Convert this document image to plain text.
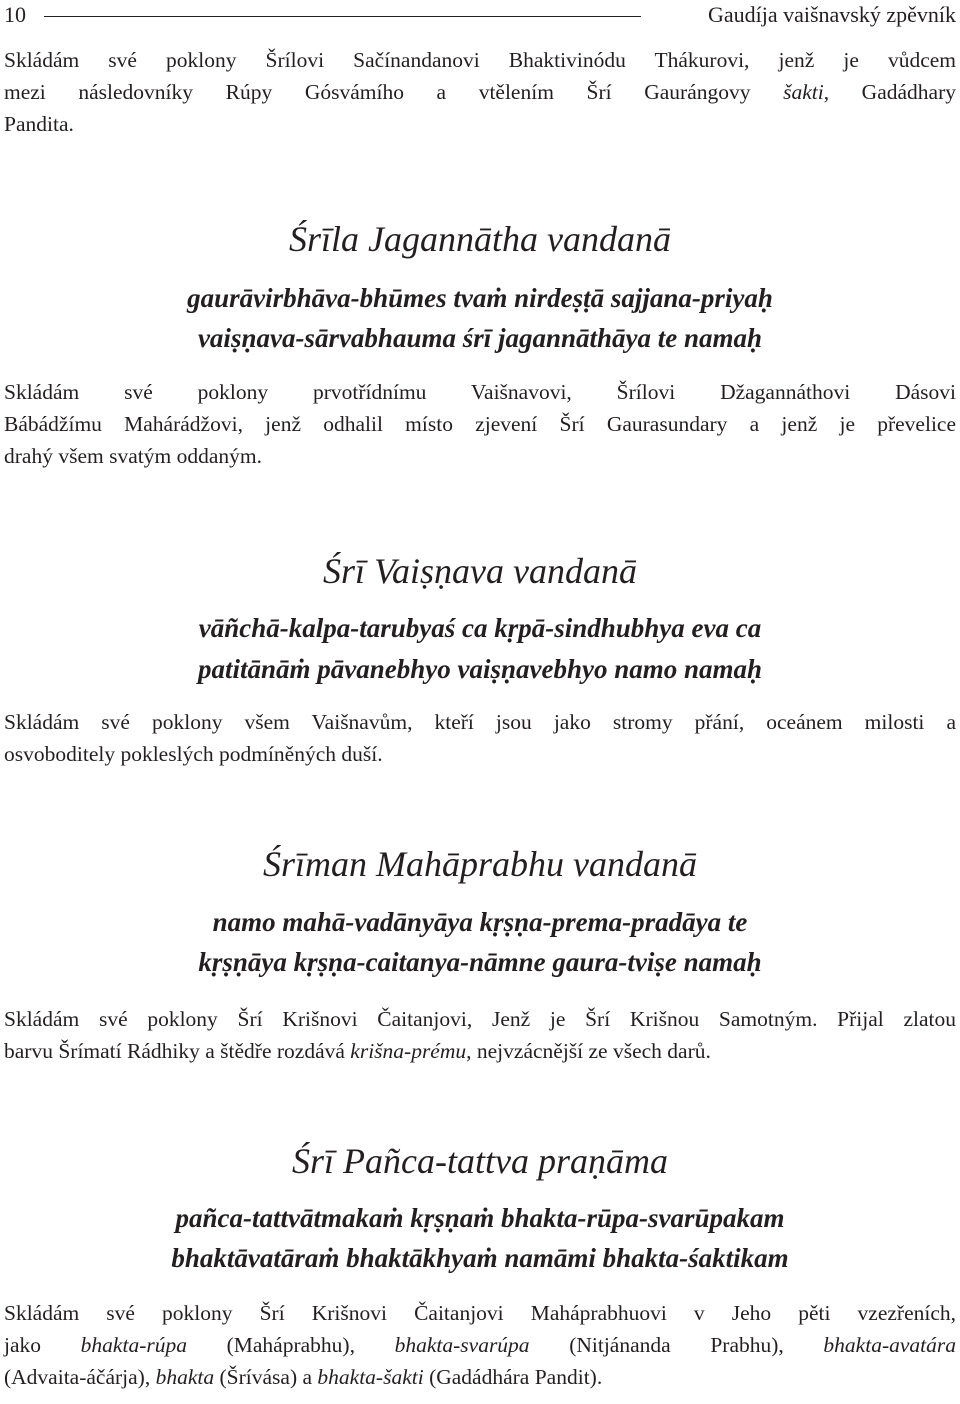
10	Gaudíja vaišnavský zpěvník

Skládám své poklony Šrílovi Sačínandanovi Bhaktivinódu Thákurovi, jenž je vůdcem
mezi následovníky Rúpy Gósvámího a vtělením Šrí Gaurángovy šakti, Gadádhary
Pandita.

Śrīla Jagannātha vandanā
gaurāvirbhāva-bhūmes tvaṁ nirdeṣṭā sajjana-priyaḥ
vaiṣṇava-sārvabhauma śrī jagannāthāya te namaḥ

Skládám své poklony prvotřídnímu Vaišnavovi, Šrílovi Džagannáthovi Dásovi
Bábádžímu Mahárádžovi, jenž odhalil místo zjevení Šrí Gaurasundary a jenž je převelice
drahý všem svatým oddaným.

Śrī Vaiṣṇava vandanā
vāñchā-kalpa-tarubyaś ca kṛpā-sindhubhya eva ca
patitānāṁ pāvanebhyo vaiṣṇavebhyo namo namaḥ

Skládám své poklony všem Vaišnavům, kteří jsou jako stromy přání, oceánem milosti a
osvoboditely pokleslých podmíněných duší.

Śrīman Mahāprabhu vandanā
namo mahā-vadānyāya kṛṣṇa-prema-pradāya te
kṛṣṇāya kṛṣṇa-caitanya-nāmne gaura-tviṣe namaḥ

Skládám své poklony Šrí Krišnovi Čaitanjovi, Jenž je Šrí Krišnou Samotným. Přijal zlatou
barvu Šrímatí Rádhiky a štědře rozdává krišna-prému, nejvzácnější ze všech darů.

Śrī Pañca-tattva praṇāma
pañca-tattvātmakaṁ kṛṣṇaṁ bhakta-rūpa-svarūpakam
bhaktāvatāraṁ bhaktākhyaṁ namāmi bhakta-śaktikam

Skládám své poklony Šrí Krišnovi Čaitanjovi Maháprabhuovi v Jeho pěti vzezřeních,
jako bhakta-rúpa (Maháprabhu), bhakta-svarúpa (Nitjánanda Prabhu), bhakta-avatára
(Advaita-áčárja), bhakta (Šrívása) a bhakta-šakti (Gadádhára Pandit).
